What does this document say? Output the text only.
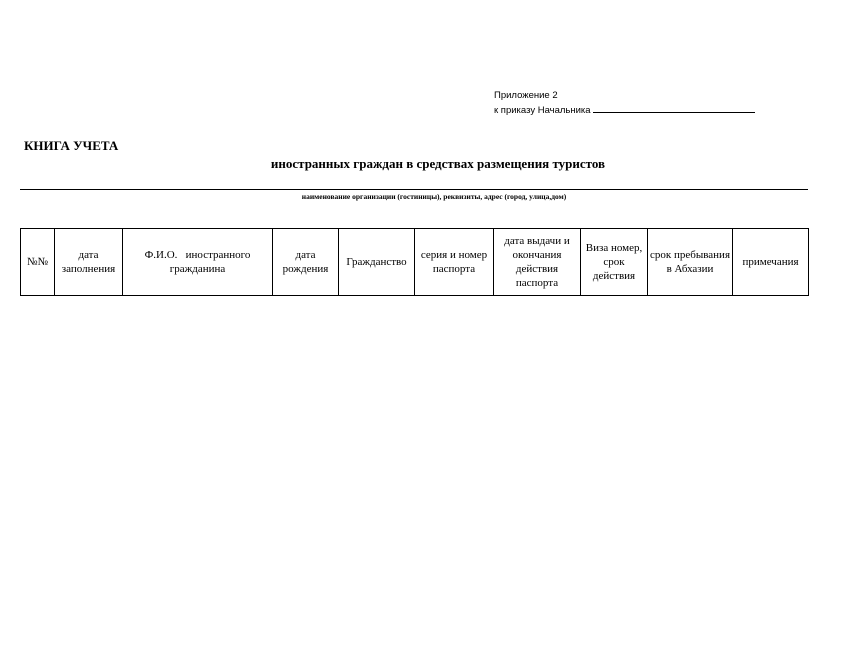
Приложение 2
к приказу Начальника
КНИГА УЧЕТА
иностранных граждан в средствах размещения туристов
наименование организации (гостиницы), реквизиты, адрес (город, улица,дом)
№№	дата заполнения	Ф.И.О.   иностранного гражданина	дата рождения	Гражданство	серия и номер паспорта	дата выдачи и окончания действия паспорта	Виза номер, срок действия	срок пребывания в Абхазии	примечания
